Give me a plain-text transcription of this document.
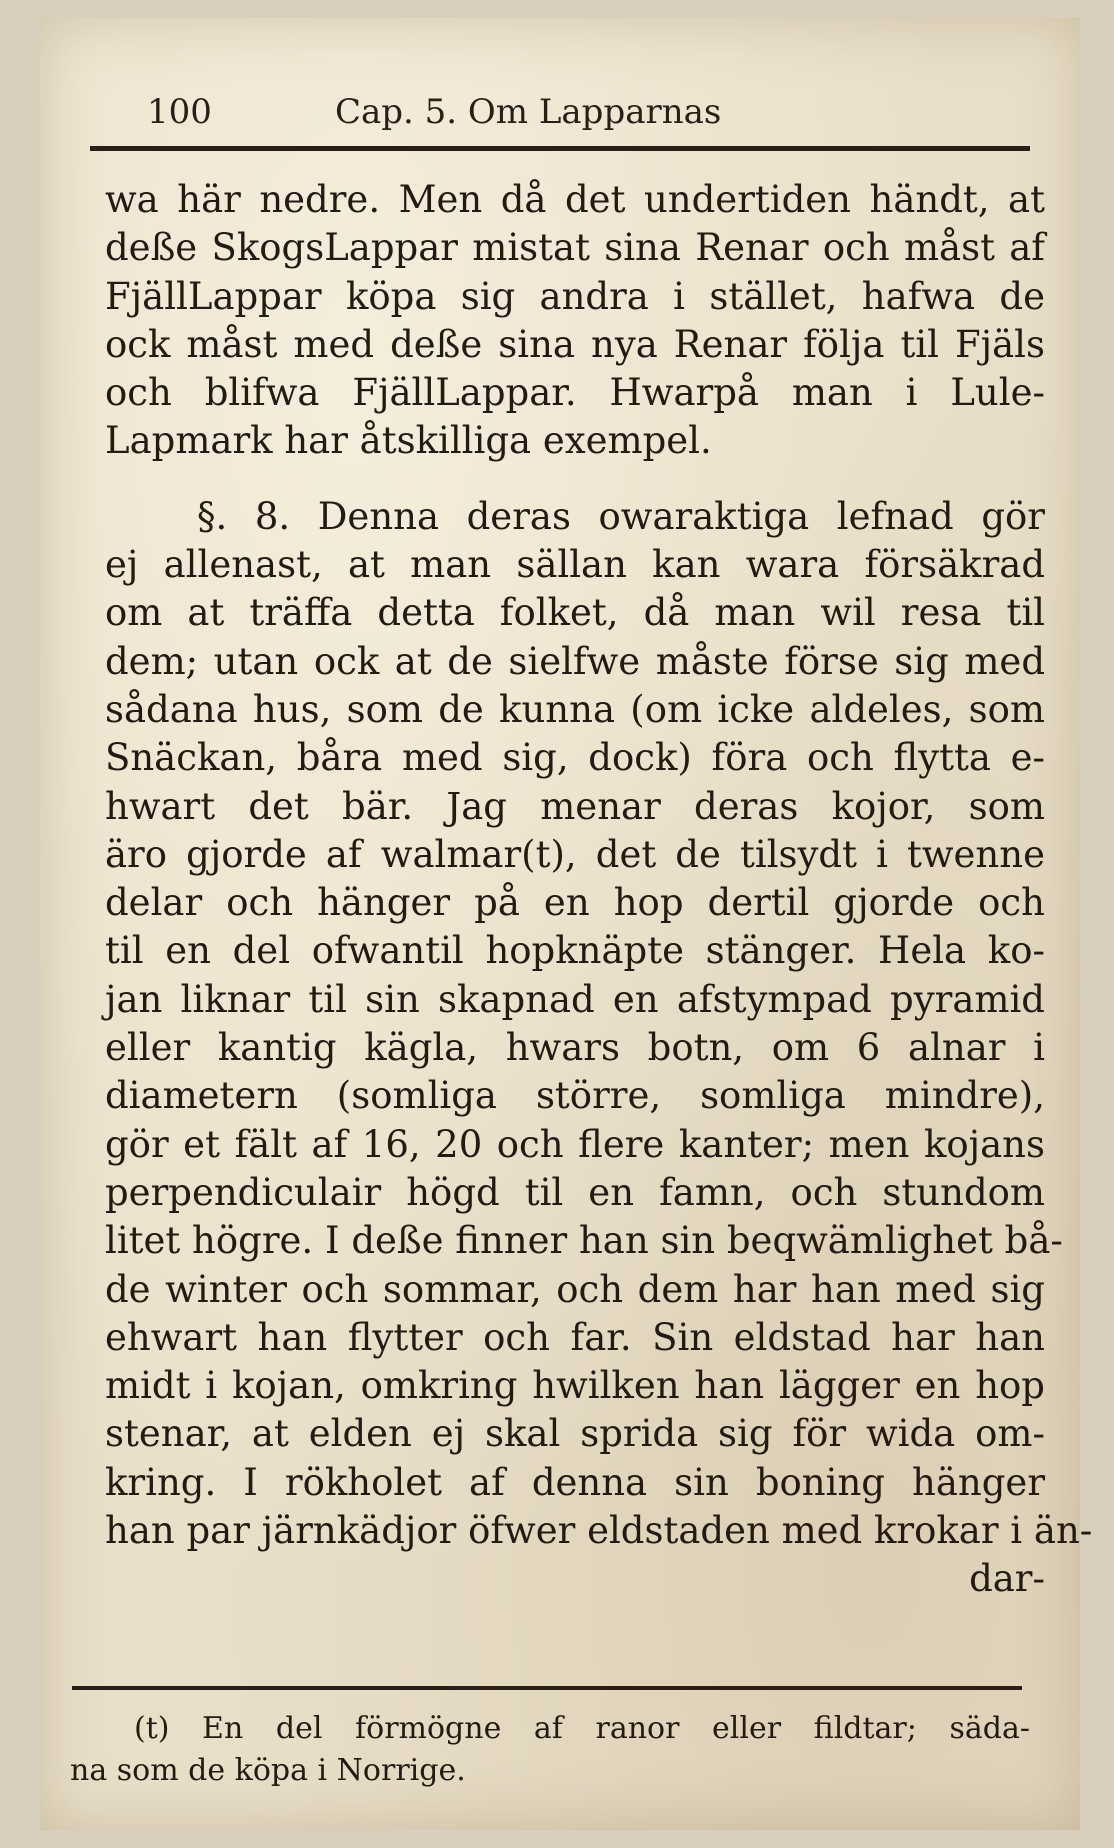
100	Cap. 5. Om Lapparnas
wa här nedre. Men då det undertiden händt, at
deße SkogsLappar mistat sina Renar och måst af
FjällLappar köpa sig andra i stället, hafwa de
ock måst med deße sina nya Renar följa til Fjäls
och blifwa FjällLappar. Hwarpå man i Lule-
Lapmark har åtskilliga exempel.
§. 8. Denna deras owaraktiga lefnad gör
ej allenast, at man sällan kan wara försäkrad
om at träffa detta folket, då man wil resa til
dem; utan ock at de sielfwe måste förse sig med
sådana hus, som de kunna (om icke aldeles, som
Snäckan, båra med sig, dock) föra och flytta e-
hwart det bär. Jag menar deras kojor, som
äro gjorde af walmar(t), det de tilsydt i twenne
delar och hänger på en hop dertil gjorde och
til en del ofwantil hopknäpte stänger. Hela ko-
jan liknar til sin skapnad en afstympad pyramid
eller kantig kägla, hwars botn, om 6 alnar i
diametern (somliga större, somliga mindre),
gör et fält af 16, 20 och flere kanter; men kojans
perpendiculair högd til en famn, och stundom
litet högre. I deße finner han sin beqwämlighet bå-
de winter och sommar, och dem har han med sig
ehwart han flytter och far. Sin eldstad har han
midt i kojan, omkring hwilken han lägger en hop
stenar, at elden ej skal sprida sig för wida om-
kring. I rökholet af denna sin boning hänger
han par järnkädjor öfwer eldstaden med krokar i än-
dar-
(t) En del förmögne af ranor eller fildtar; säda-
na som de köpa i Norrige.
